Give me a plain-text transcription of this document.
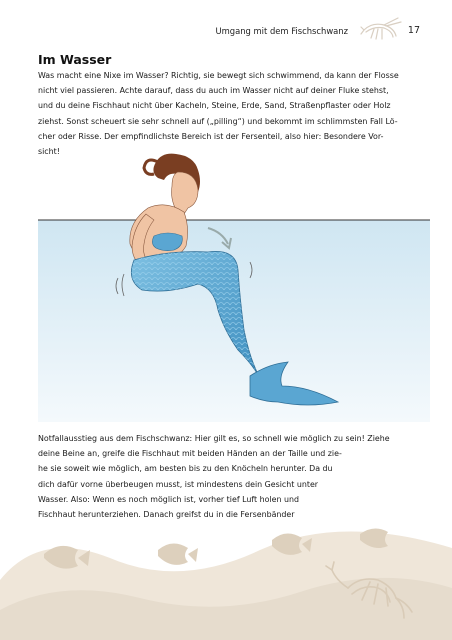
Umgang mit dem Fischschwanz	17
Im Wasser
Was macht eine Nixe im Wasser? Richtig, sie bewegt sich schwimmend, da kann der Flosse
nicht viel passieren. Achte darauf, dass du auch im Wasser nicht auf deiner Fluke stehst,
und du deine Fischhaut nicht über Kacheln, Steine, Erde, Sand, Straßenpflaster oder Holz
ziehst. Sonst scheuert sie sehr schnell auf („pilling“) und bekommt im schlimmsten Fall Lö-
cher oder Risse. Der empfindlichste Bereich ist der Fersenteil, also hier: Besondere Vor-
sicht!
Notfallausstieg aus dem Fischschwanz: Hier gilt es, so schnell wie möglich zu sein! Ziehe
deine Beine an, greife die Fischhaut mit beiden Händen an der Taille und zie-
he sie soweit wie möglich, am besten bis zu den Knöcheln herunter. Da du
dich dafür vorne überbeugen musst, ist mindestens dein Gesicht unter
Wasser. Also: Wenn es noch möglich ist, vorher tief Luft holen und
Fischhaut herunterziehen. Danach greifst du in die Fersenbänder
